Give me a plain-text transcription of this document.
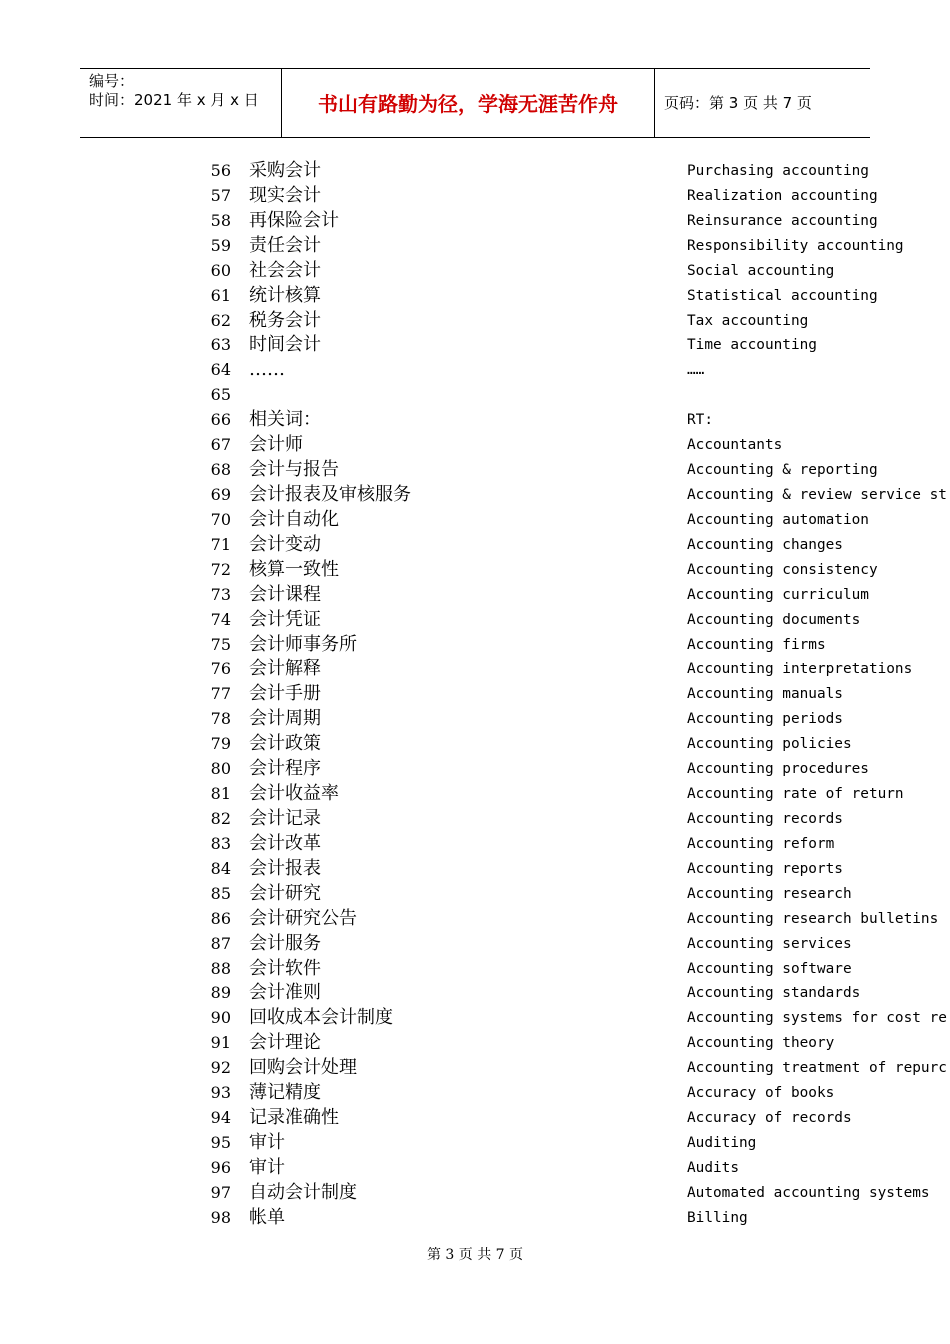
编号：
时间：2021 年 x 月 x 日	书山有路勤为径，学海无涯苦作舟	页码：第 3 页 共 7 页
56 采购会计	Purchasing accounting
57 现实会计	Realization accounting
58 再保险会计	Reinsurance accounting
59 责任会计	Responsibility accounting
60 社会会计	Social accounting
61 统计核算	Statistical accounting
62 税务会计	Tax accounting
63 时间会计	Time accounting
64 ……	……
65
66 相关词：	RT:
67 会计师	Accountants
68 会计与报告	Accounting & reporting
69 会计报表及审核服务	Accounting & review service st
70 会计自动化	Accounting automation
71 会计变动	Accounting changes
72 核算一致性	Accounting consistency
73 会计课程	Accounting curriculum
74 会计凭证	Accounting documents
75 会计师事务所	Accounting firms
76 会计解释	Accounting interpretations
77 会计手册	Accounting manuals
78 会计周期	Accounting periods
79 会计政策	Accounting policies
80 会计程序	Accounting procedures
81 会计收益率	Accounting rate of return
82 会计记录	Accounting records
83 会计改革	Accounting reform
84 会计报表	Accounting reports
85 会计研究	Accounting research
86 会计研究公告	Accounting research bulletins
87 会计服务	Accounting services
88 会计软件	Accounting software
89 会计准则	Accounting standards
90 回收成本会计制度	Accounting systems for cost re
91 会计理论	Accounting theory
92 回购会计处理	Accounting treatment of repurc
93 薄记精度	Accuracy of books
94 记录准确性	Accuracy of records
95 审计	Auditing
96 审计	Audits
97 自动会计制度	Automated accounting systems
98 帐单	Billing
第 3 页 共 7 页
